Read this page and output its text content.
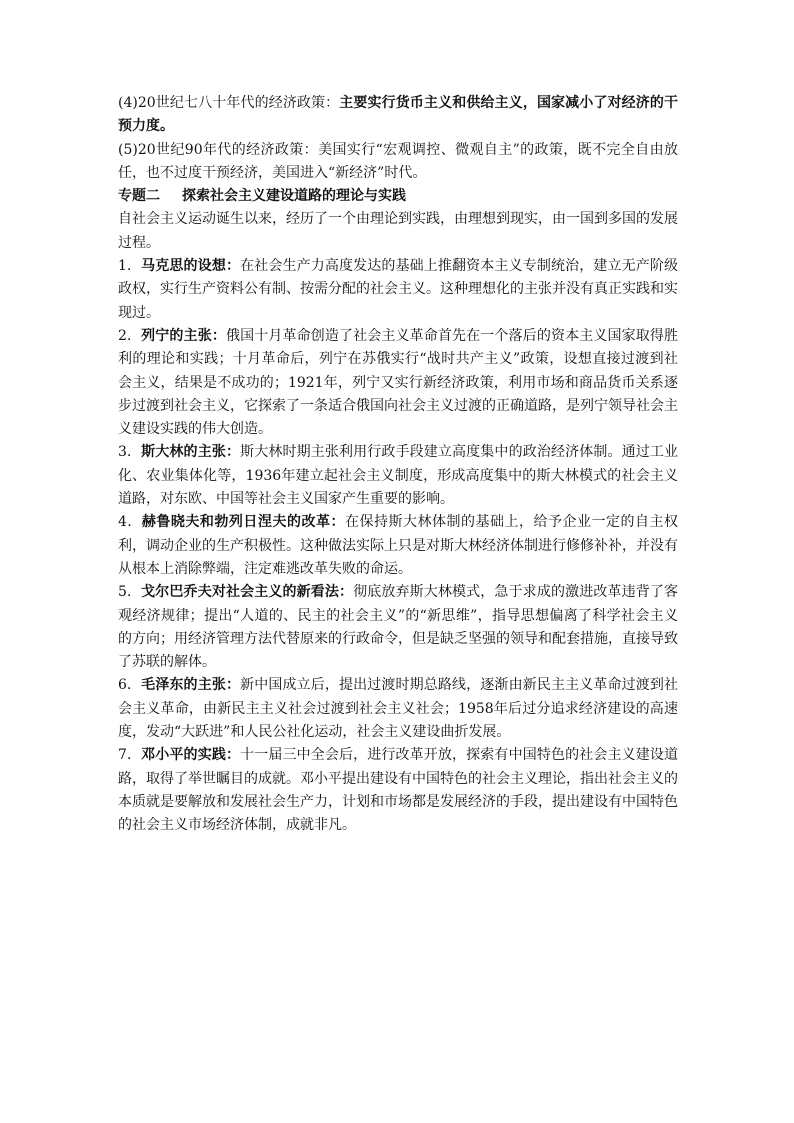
(4)20世纪七八十年代的经济政策：主要实行货币主义和供给主义，国家减小了对经济的干预力度。

(5)20世纪90年代的经济政策：美国实行“宏观调控、微观自主”的政策，既不完全自由放任，也不过度干预经济，美国进入“新经济”时代。

专题二 探索社会主义建设道路的理论与实践

自社会主义运动诞生以来，经历了一个由理论到实践，由理想到现实，由一国到多国的发展过程。

1．马克思的设想：在社会生产力高度发达的基础上推翻资本主义专制统治，建立无产阶级政权，实行生产资料公有制、按需分配的社会主义。这种理想化的主张并没有真正实践和实现过。

2．列宁的主张：俄国十月革命创造了社会主义革命首先在一个落后的资本主义国家取得胜利的理论和实践；十月革命后，列宁在苏俄实行“战时共产主义”政策，设想直接过渡到社会主义，结果是不成功的；1921年，列宁又实行新经济政策，利用市场和商品货币关系逐步过渡到社会主义，它探索了一条适合俄国向社会主义过渡的正确道路，是列宁领导社会主义建设实践的伟大创造。

3．斯大林的主张：斯大林时期主张利用行政手段建立高度集中的政治经济体制。通过工业化、农业集体化等，1936年建立起社会主义制度，形成高度集中的斯大林模式的社会主义道路，对东欧、中国等社会主义国家产生重要的影响。

4．赫鲁晓夫和勃列日涅夫的改革：在保持斯大林体制的基础上，给予企业一定的自主权利，调动企业的生产积极性。这种做法实际上只是对斯大林经济体制进行修修补补，并没有从根本上消除弊端，注定难逃改革失败的命运。

5．戈尔巴乔夫对社会主义的新看法：彻底放弃斯大林模式，急于求成的激进改革违背了客观经济规律；提出“人道的、民主的社会主义”的“新思维”，指导思想偏离了科学社会主义的方向；用经济管理方法代替原来的行政命令，但是缺乏坚强的领导和配套措施，直接导致了苏联的解体。

6．毛泽东的主张：新中国成立后，提出过渡时期总路线，逐渐由新民主主义革命过渡到社会主义革命，由新民主主义社会过渡到社会主义社会；1958年后过分追求经济建设的高速度，发动“大跃进”和人民公社化运动，社会主义建设曲折发展。

7．邓小平的实践：十一届三中全会后，进行改革开放，探索有中国特色的社会主义建设道路，取得了举世瞩目的成就。邓小平提出建设有中国特色的社会主义理论，指出社会主义的本质就是要解放和发展社会生产力，计划和市场都是发展经济的手段，提出建设有中国特色的社会主义市场经济体制，成就非凡。
